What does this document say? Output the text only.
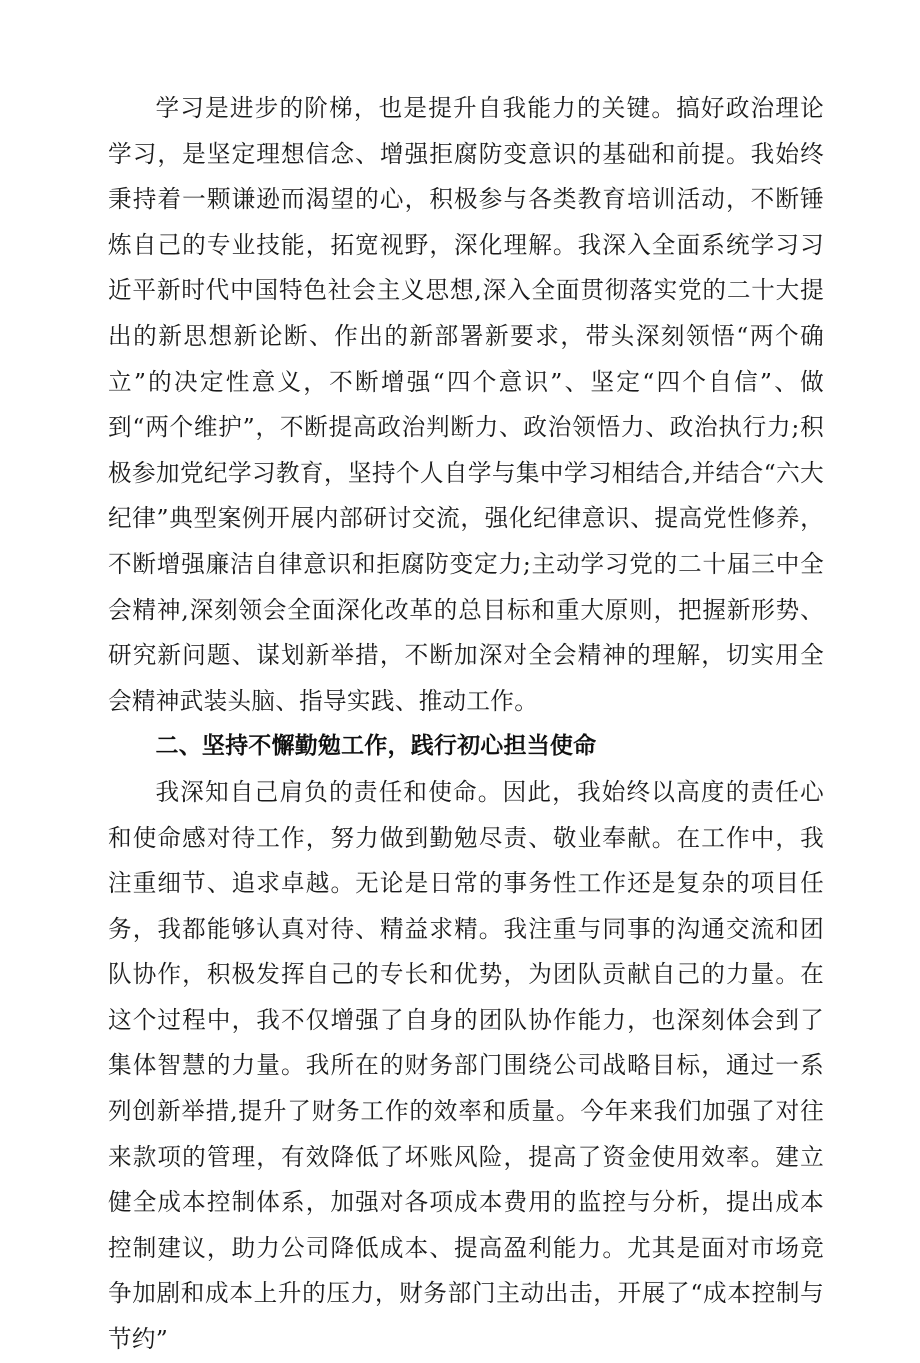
学习是进步的阶梯，也是提升自我能力的关键。搞好政治理论学习，是坚定理想信念、增强拒腐防变意识的基础和前提。我始终秉持着一颗谦逊而渴望的心，积极参与各类教育培训活动，不断锤炼自己的专业技能，拓宽视野，深化理解。我深入全面系统学习习近平新时代中国特色社会主义思想,深入全面贯彻落实党的二十大提出的新思想新论断、作出的新部署新要求，带头深刻领悟“两个确立”的决定性意义，不断增强“四个意识”、坚定“四个自信”、做到“两个维护”，不断提高政治判断力、政治领悟力、政治执行力;积极参加党纪学习教育，坚持个人自学与集中学习相结合,并结合“六大纪律”典型案例开展内部研讨交流，强化纪律意识、提高党性修养，不断增强廉洁自律意识和拒腐防变定力;主动学习党的二十届三中全会精神,深刻领会全面深化改革的总目标和重大原则，把握新形势、研究新问题、谋划新举措，不断加深对全会精神的理解，切实用全会精神武装头脑、指导实践、推动工作。

二、坚持不懈勤勉工作，践行初心担当使命

我深知自己肩负的责任和使命。因此，我始终以高度的责任心和使命感对待工作，努力做到勤勉尽责、敬业奉献。在工作中，我注重细节、追求卓越。无论是日常的事务性工作还是复杂的项目任务，我都能够认真对待、精益求精。我注重与同事的沟通交流和团队协作，积极发挥自己的专长和优势，为团队贡献自己的力量。在这个过程中，我不仅增强了自身的团队协作能力，也深刻体会到了集体智慧的力量。我所在的财务部门围绕公司战略目标，通过一系列创新举措,提升了财务工作的效率和质量。今年来我们加强了对往来款项的管理，有效降低了坏账风险，提高了资金使用效率。建立健全成本控制体系，加强对各项成本费用的监控与分析，提出成本控制建议，助力公司降低成本、提高盈利能力。尤其是面对市场竞争加剧和成本上升的压力，财务部门主动出击，开展了“成本控制与节约”
